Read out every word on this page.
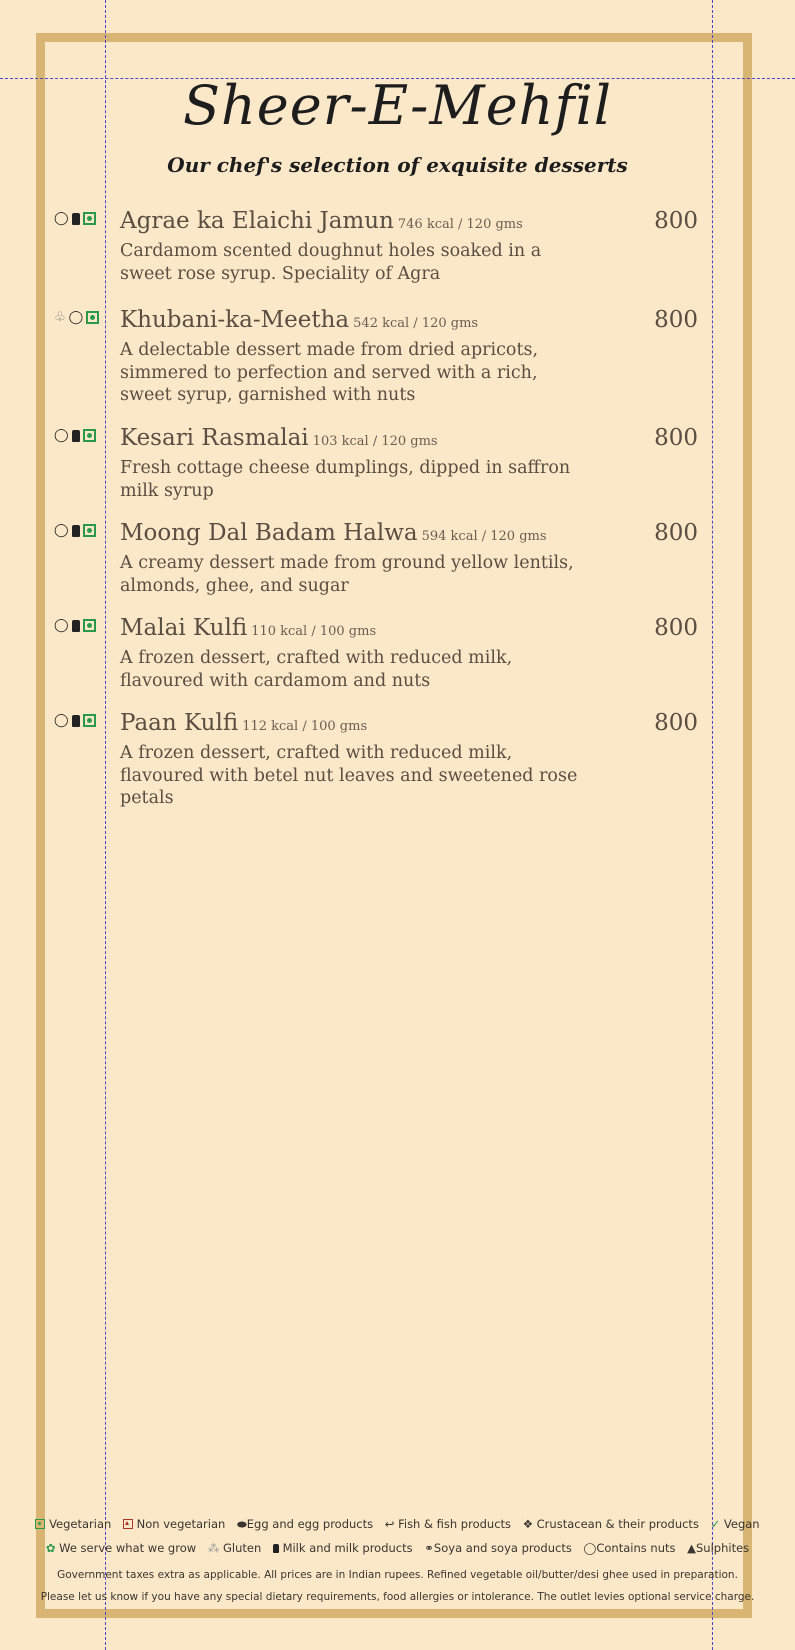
Sheer-E-Mehfil
Our chef's selection of exquisite desserts
◯ Agrae ka Elaichi Jamun 746 kcal / 120 gms	800
Cardamom scented doughnut holes soaked in a sweet rose syrup. Speciality of Agra
♧ ◯ Khubani-ka-Meetha 542 kcal / 120 gms	800
A delectable dessert made from dried apricots, simmered to perfection and served with a rich, sweet syrup, garnished with nuts
◯ Kesari Rasmalai 103 kcal / 120 gms	800
Fresh cottage cheese dumplings, dipped in saffron milk syrup
◯ Moong Dal Badam Halwa 594 kcal / 120 gms	800
A creamy dessert made from ground yellow lentils, almonds, ghee, and sugar
◯ Malai Kulfi 110 kcal / 100 gms	800
A frozen dessert, crafted with reduced milk, flavoured with cardamom and nuts
◯ Paan Kulfi 112 kcal / 100 gms	800
A frozen dessert, crafted with reduced milk, flavoured with betel nut leaves and sweetened rose petals
Vegetarian Non vegetarian ⬬Egg and egg products ↩ Fish & fish products ❖ Crustacean & their products ✓ Vegan
✿ We serve what we grow ⁂ Gluten Milk and milk products ⚭Soya and soya products ◯Contains nuts ▲Sulphites
Government taxes extra as applicable. All prices are in Indian rupees. Refined vegetable oil/butter/desi ghee used in preparation.
Please let us know if you have any special dietary requirements, food allergies or intolerance. The outlet levies optional service charge.
